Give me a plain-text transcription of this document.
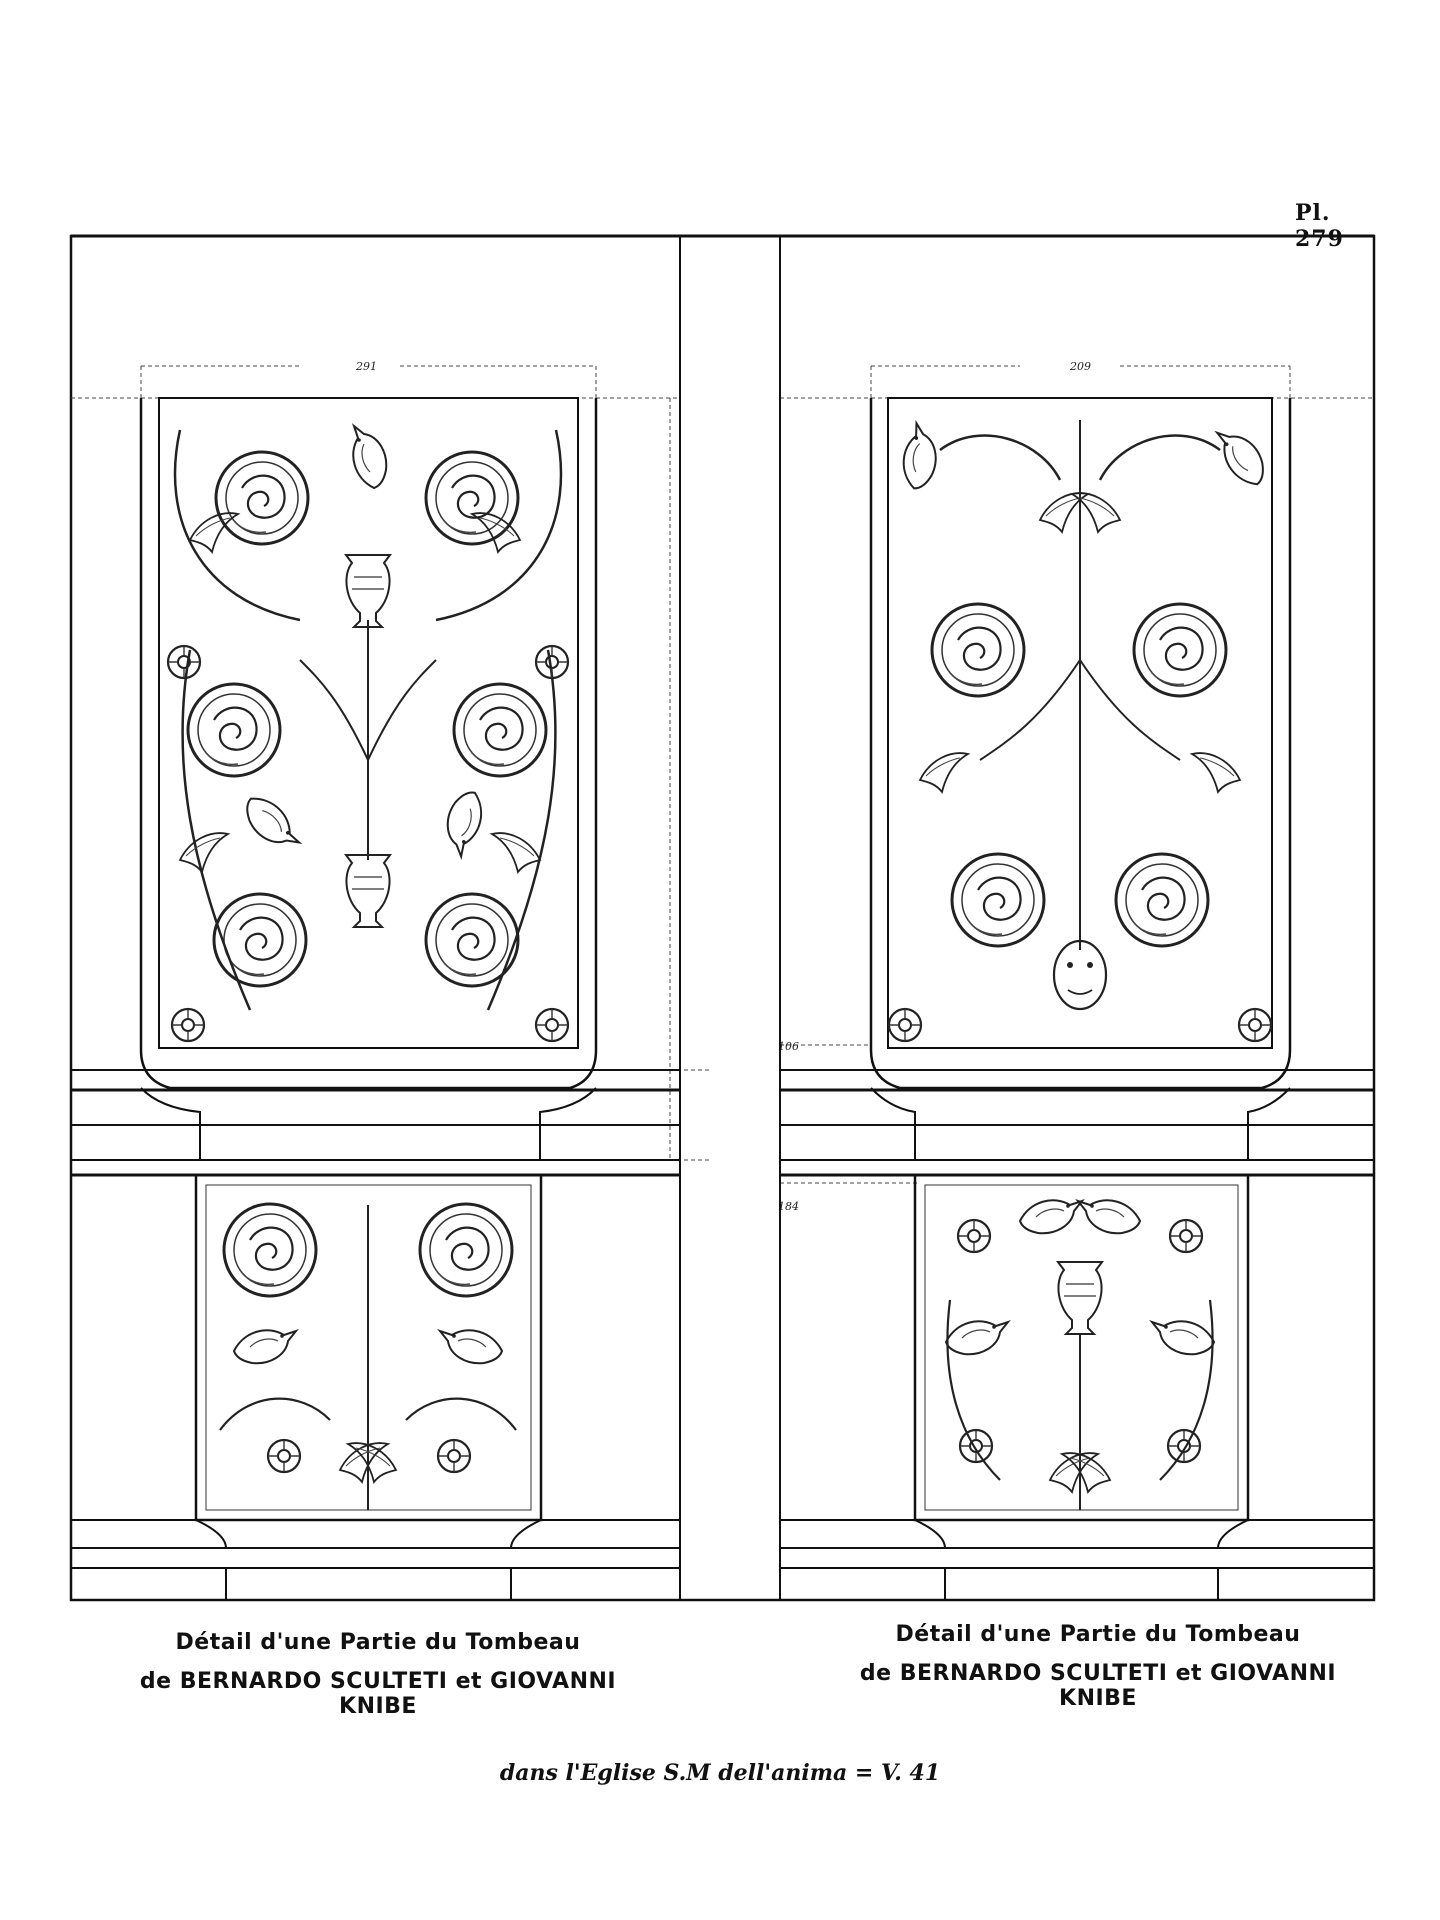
Pl. 279
291	209
106
184
Détail d'une Partie du Tombeau
de BERNARDO SCULTETI et GIOVANNI KNIBE
Détail d'une Partie du Tombeau
de BERNARDO SCULTETI et GIOVANNI KNIBE
dans l'Eglise S.M dell'anima = V. 41
